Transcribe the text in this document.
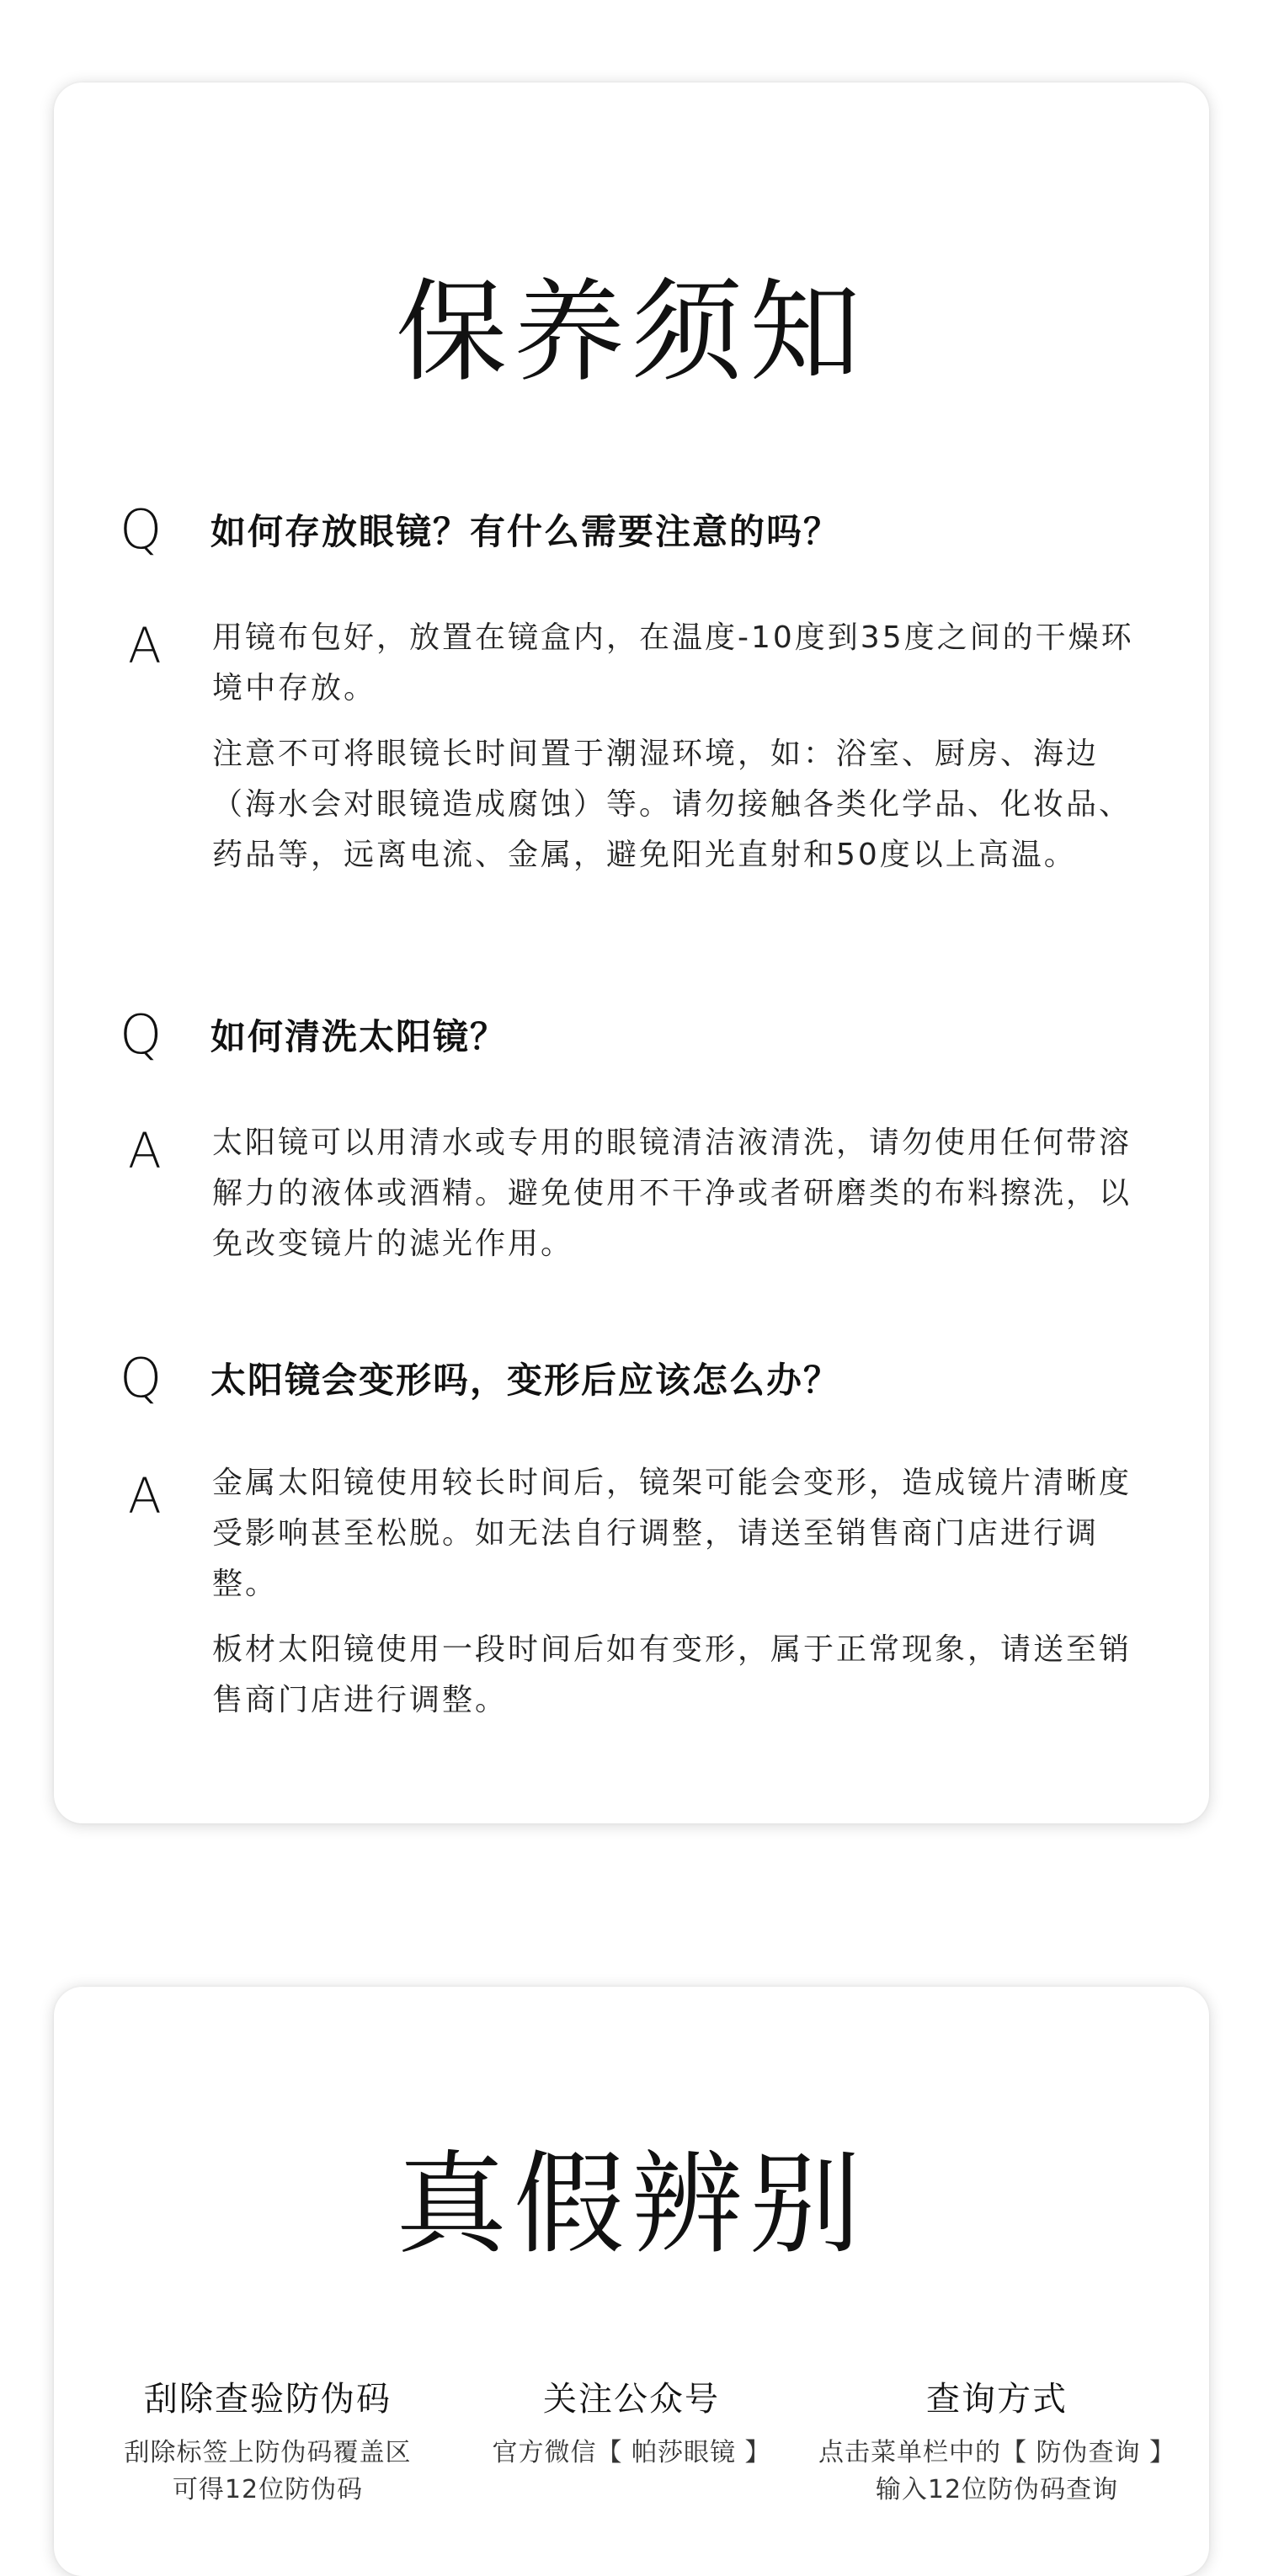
保养须知
Q 如何存放眼镜？有什么需要注意的吗？
A 用镜布包好，放置在镜盒内，在温度-10度到35度之间的干燥环境中存放。

注意不可将眼镜长时间置于潮湿环境，如：浴室、厨房、海边（海水会对眼镜造成腐蚀）等。请勿接触各类化学品、化妆品、药品等，远离电流、金属，避免阳光直射和50度以上高温。

Q 如何清洗太阳镜？
A 太阳镜可以用清水或专用的眼镜清洁液清洗，请勿使用任何带溶解力的液体或酒精。避免使用不干净或者研磨类的布料擦洗，以免改变镜片的滤光作用。

Q 太阳镜会变形吗，变形后应该怎么办？
A 金属太阳镜使用较长时间后，镜架可能会变形，造成镜片清晰度受影响甚至松脱。如无法自行调整，请送至销售商门店进行调整。

板材太阳镜使用一段时间后如有变形，属于正常现象，请送至销售商门店进行调整。

真假辨别

刮除查验防伪码

刮除标签上防伪码覆盖区

可得12位防伪码

关注公众号

官方微信【 帕莎眼镜 】

查询方式

点击菜单栏中的【 防伪查询 】

输入12位防伪码查询
